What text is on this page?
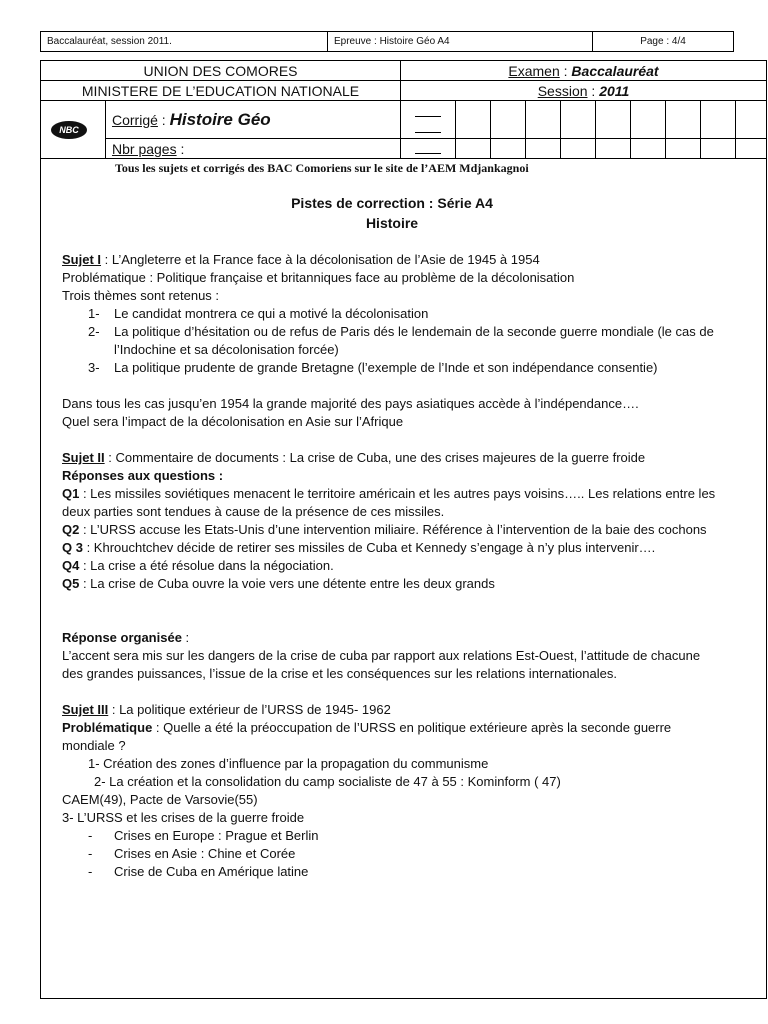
Baccalauréat, session 2011.	Epreuve : Histoire Géo A4	Page : 4/4
UNION DES COMORES		Examen : Baccalauréat									
MINISTERE DE L’EDUCATION NATIONALE		Session : 2011									

NBC	Corrigé : Histoire Géo	

	Nbr pages :										
Tous les sujets et corrigés des BAC Comoriens sur le site de l’AEM Mdjankagnoi
Pistes de correction : Série A4
Histoire
Sujet I : L’Angleterre et la France face à la décolonisation de l’Asie de 1945 à 1954
Problématique : Politique française et britanniques face au problème de la décolonisation
Trois thèmes sont retenus :
1- Le candidat montrera ce qui a motivé la décolonisation
2- La politique d’hésitation ou de refus de Paris dés le lendemain de la seconde guerre mondiale (le cas de l’Indochine et sa décolonisation forcée)
3- La politique prudente de grande Bretagne (l’exemple de l’Inde et son indépendance consentie)
Dans tous les cas jusqu’en 1954 la grande majorité des pays asiatiques accède à l’indépendance….
Quel sera l’impact de la décolonisation en Asie sur l’Afrique
Sujet II : Commentaire de documents : La crise de Cuba, une des crises majeures de la guerre froide
Réponses aux questions :
Q1 : Les missiles soviétiques menacent le territoire américain et les autres pays voisins….. Les relations entre les deux parties sont tendues à cause de la présence de ces missiles.
Q2 : L’URSS accuse les Etats-Unis d’une intervention miliaire. Référence à l’intervention de la baie des cochons
Q 3 : Khrouchtchev décide de retirer ses missiles de Cuba et Kennedy s’engage à n’y plus intervenir….
Q4 : La crise a été résolue dans la négociation.
Q5 : La crise de Cuba ouvre la voie vers une détente entre les deux grands
Réponse organisée :
L’accent sera mis sur les dangers de la crise de cuba par rapport aux relations Est-Ouest, l’attitude de chacune des grandes puissances, l’issue de la crise et les conséquences sur les relations internationales.
Sujet III : La politique extérieur de l’URSS de 1945- 1962
Problématique : Quelle a été la préoccupation de l’URSS en politique extérieure après la seconde guerre mondiale ?
1- Création des zones d’influence par la propagation du communisme
2- La création et la consolidation du camp socialiste de 47 à 55 : Kominform ( 47)
CAEM(49), Pacte de Varsovie(55)
3- L’URSS et les crises de la guerre froide
- Crises en Europe : Prague et Berlin
- Crises en Asie : Chine et Corée
- Crise de Cuba en Amérique latine
